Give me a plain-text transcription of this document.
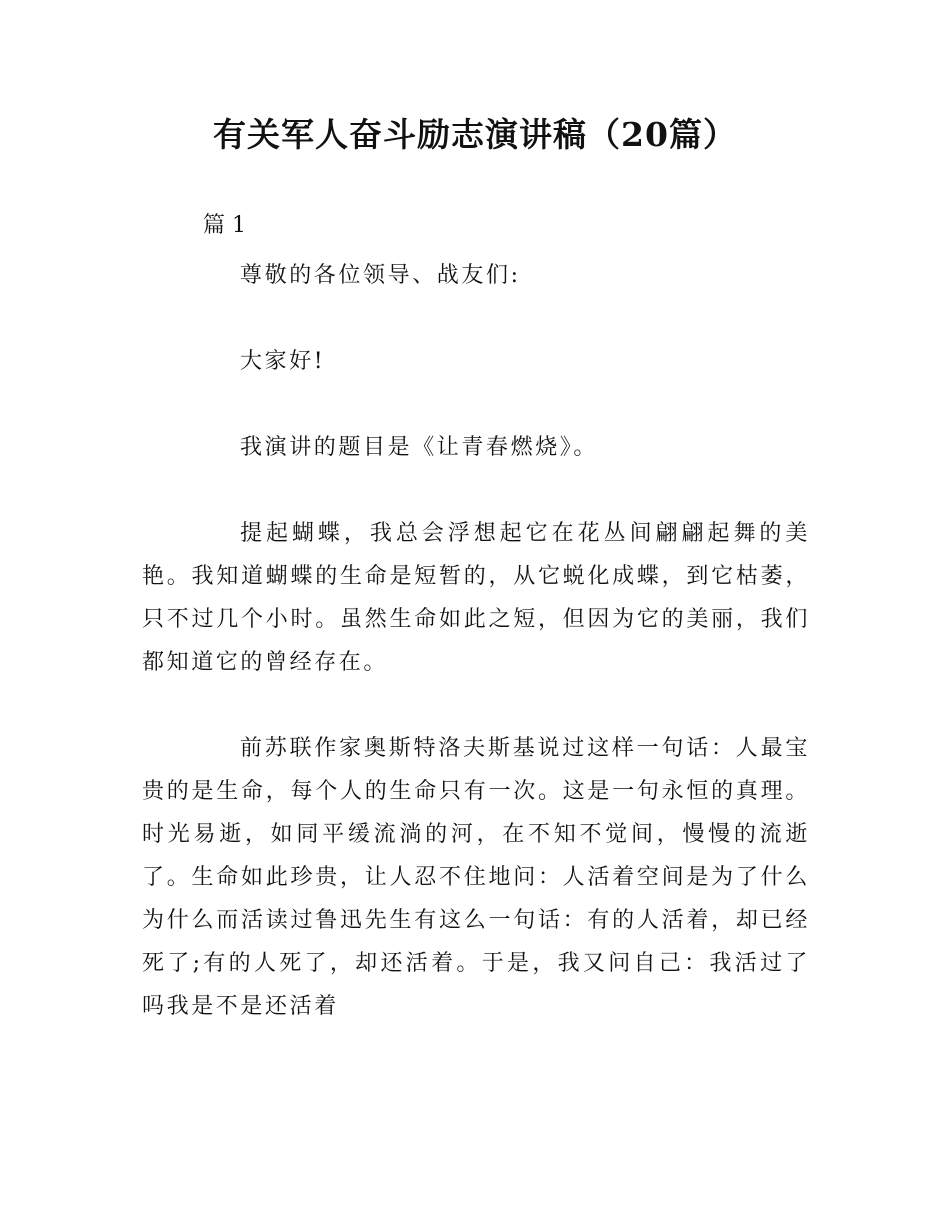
有关军人奋斗励志演讲稿（20篇）

篇 1

尊敬的各位领导、战友们:

大家好!

我演讲的题目是《让青春燃烧》。

提起蝴蝶，我总会浮想起它在花丛间翩翩起舞的美艳。我知道蝴蝶的生命是短暂的，从它蜕化成蝶，到它枯萎，只不过几个小时。虽然生命如此之短，但因为它的美丽，我们都知道它的曾经存在。

前苏联作家奥斯特洛夫斯基说过这样一句话：人最宝贵的是生命，每个人的生命只有一次。这是一句永恒的真理。时光易逝，如同平缓流淌的河，在不知不觉间，慢慢的流逝了。生命如此珍贵，让人忍不住地问：人活着空间是为了什么为什么而活读过鲁迅先生有这么一句话：有的人活着，却已经死了;有的人死了，却还活着。于是，我又问自己：我活过了吗我是不是还活着
